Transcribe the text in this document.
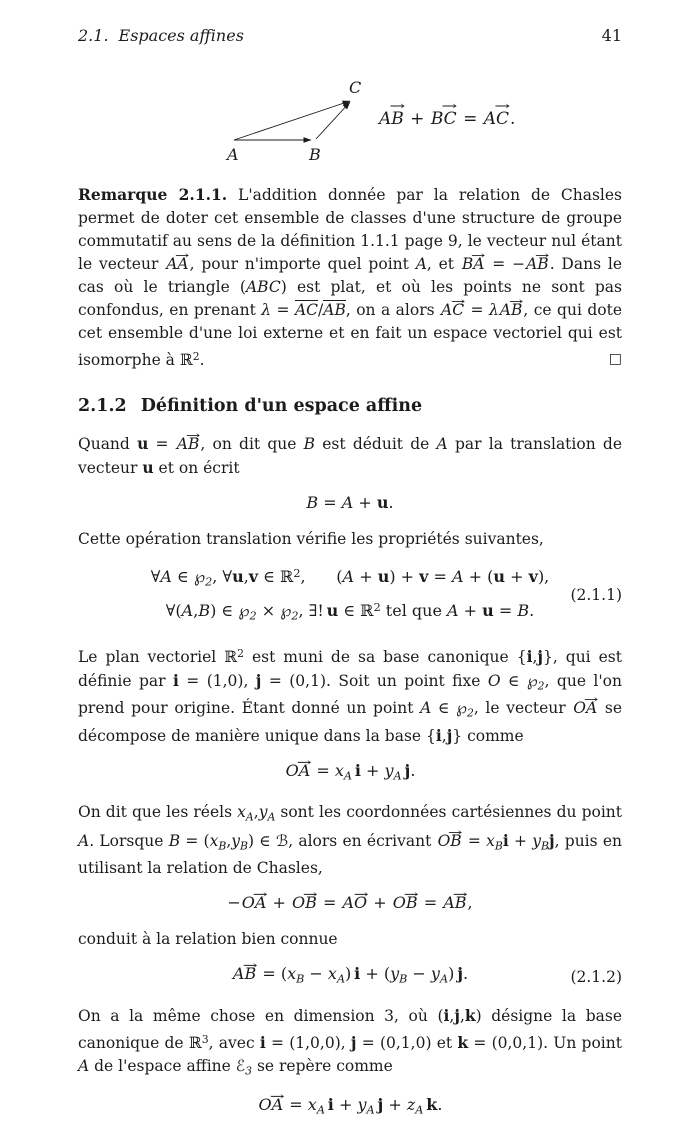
2.1. Espaces affines	41
A	B
C
AB → + BC → = AC →.
Remarque 2.1.1. L'addition donnée par la relation de Chasles permet de doter cet ensemble de classes d'une structure de groupe commutatif au sens de la définition 1.1.1 page 9, le vecteur nul étant le vecteur AA →, pour n'importe quel point A, et BA → = −AB →. Dans le cas où le triangle (ABC) est plat, et où les points ne sont pas confondus, en prenant λ = AC/AB, on a alors AC → = λAB →, ce qui dote cet ensemble d'une loi externe et en fait un espace vectoriel qui est isomorphe à ℝ$^2$.	□
2.1.2 Définition d'un espace affine
Quand u = AB →, on dit que B est déduit de A par la translation de vecteur u et on écrit
B = A + u.
Cette opération translation vérifie les propriétés suivantes,
∀A ∈ $℘_2$, ∀u,v ∈ ℝ$^2$, (A + u) + v = A + (u + v),
∀(A,B) ∈ $℘_2$ × $℘_2$, ∃! u ∈ ℝ$^2$ tel que A + u = B.
(2.1.1)
Le plan vectoriel ℝ$^2$ est muni de sa base canonique {i,j}, qui est définie par i = (1,0), j = (0,1). Soit un point fixe O ∈ $℘_2$, que l'on prend pour origine. Étant donné un point A ∈ $℘_2$, le vecteur OA → se décompose de manière unique dans la base {i,j} comme
OA → = $x_A$ $i + y_A$ j.
On dit que les réels $x_A,y_A$ sont les coordonnées cartésiennes du point A. Lorsque $B = (x_B,y_B)$ ∈ ℬ, alors en écrivant OB → = $x_Bi + y_Bj$, puis en utilisant la relation de Chasles,
−OA → + OB → = AO → + OB → = AB →,
conduit à la relation bien connue
AB → = $(x_B - x_A) i + (y_B - y_A)$ j.	(2.1.2)
On a la même chose en dimension 3, où (i,j,k) désigne la base canonique de ℝ$^3$, avec i = (1,0,0), j = (0,1,0) et k = (0,0,1). Un point A de l'espace affine ℰ$_3$ se repère comme
OA → = $x_A$ $i + y_A$ $j + z_A$ k.
